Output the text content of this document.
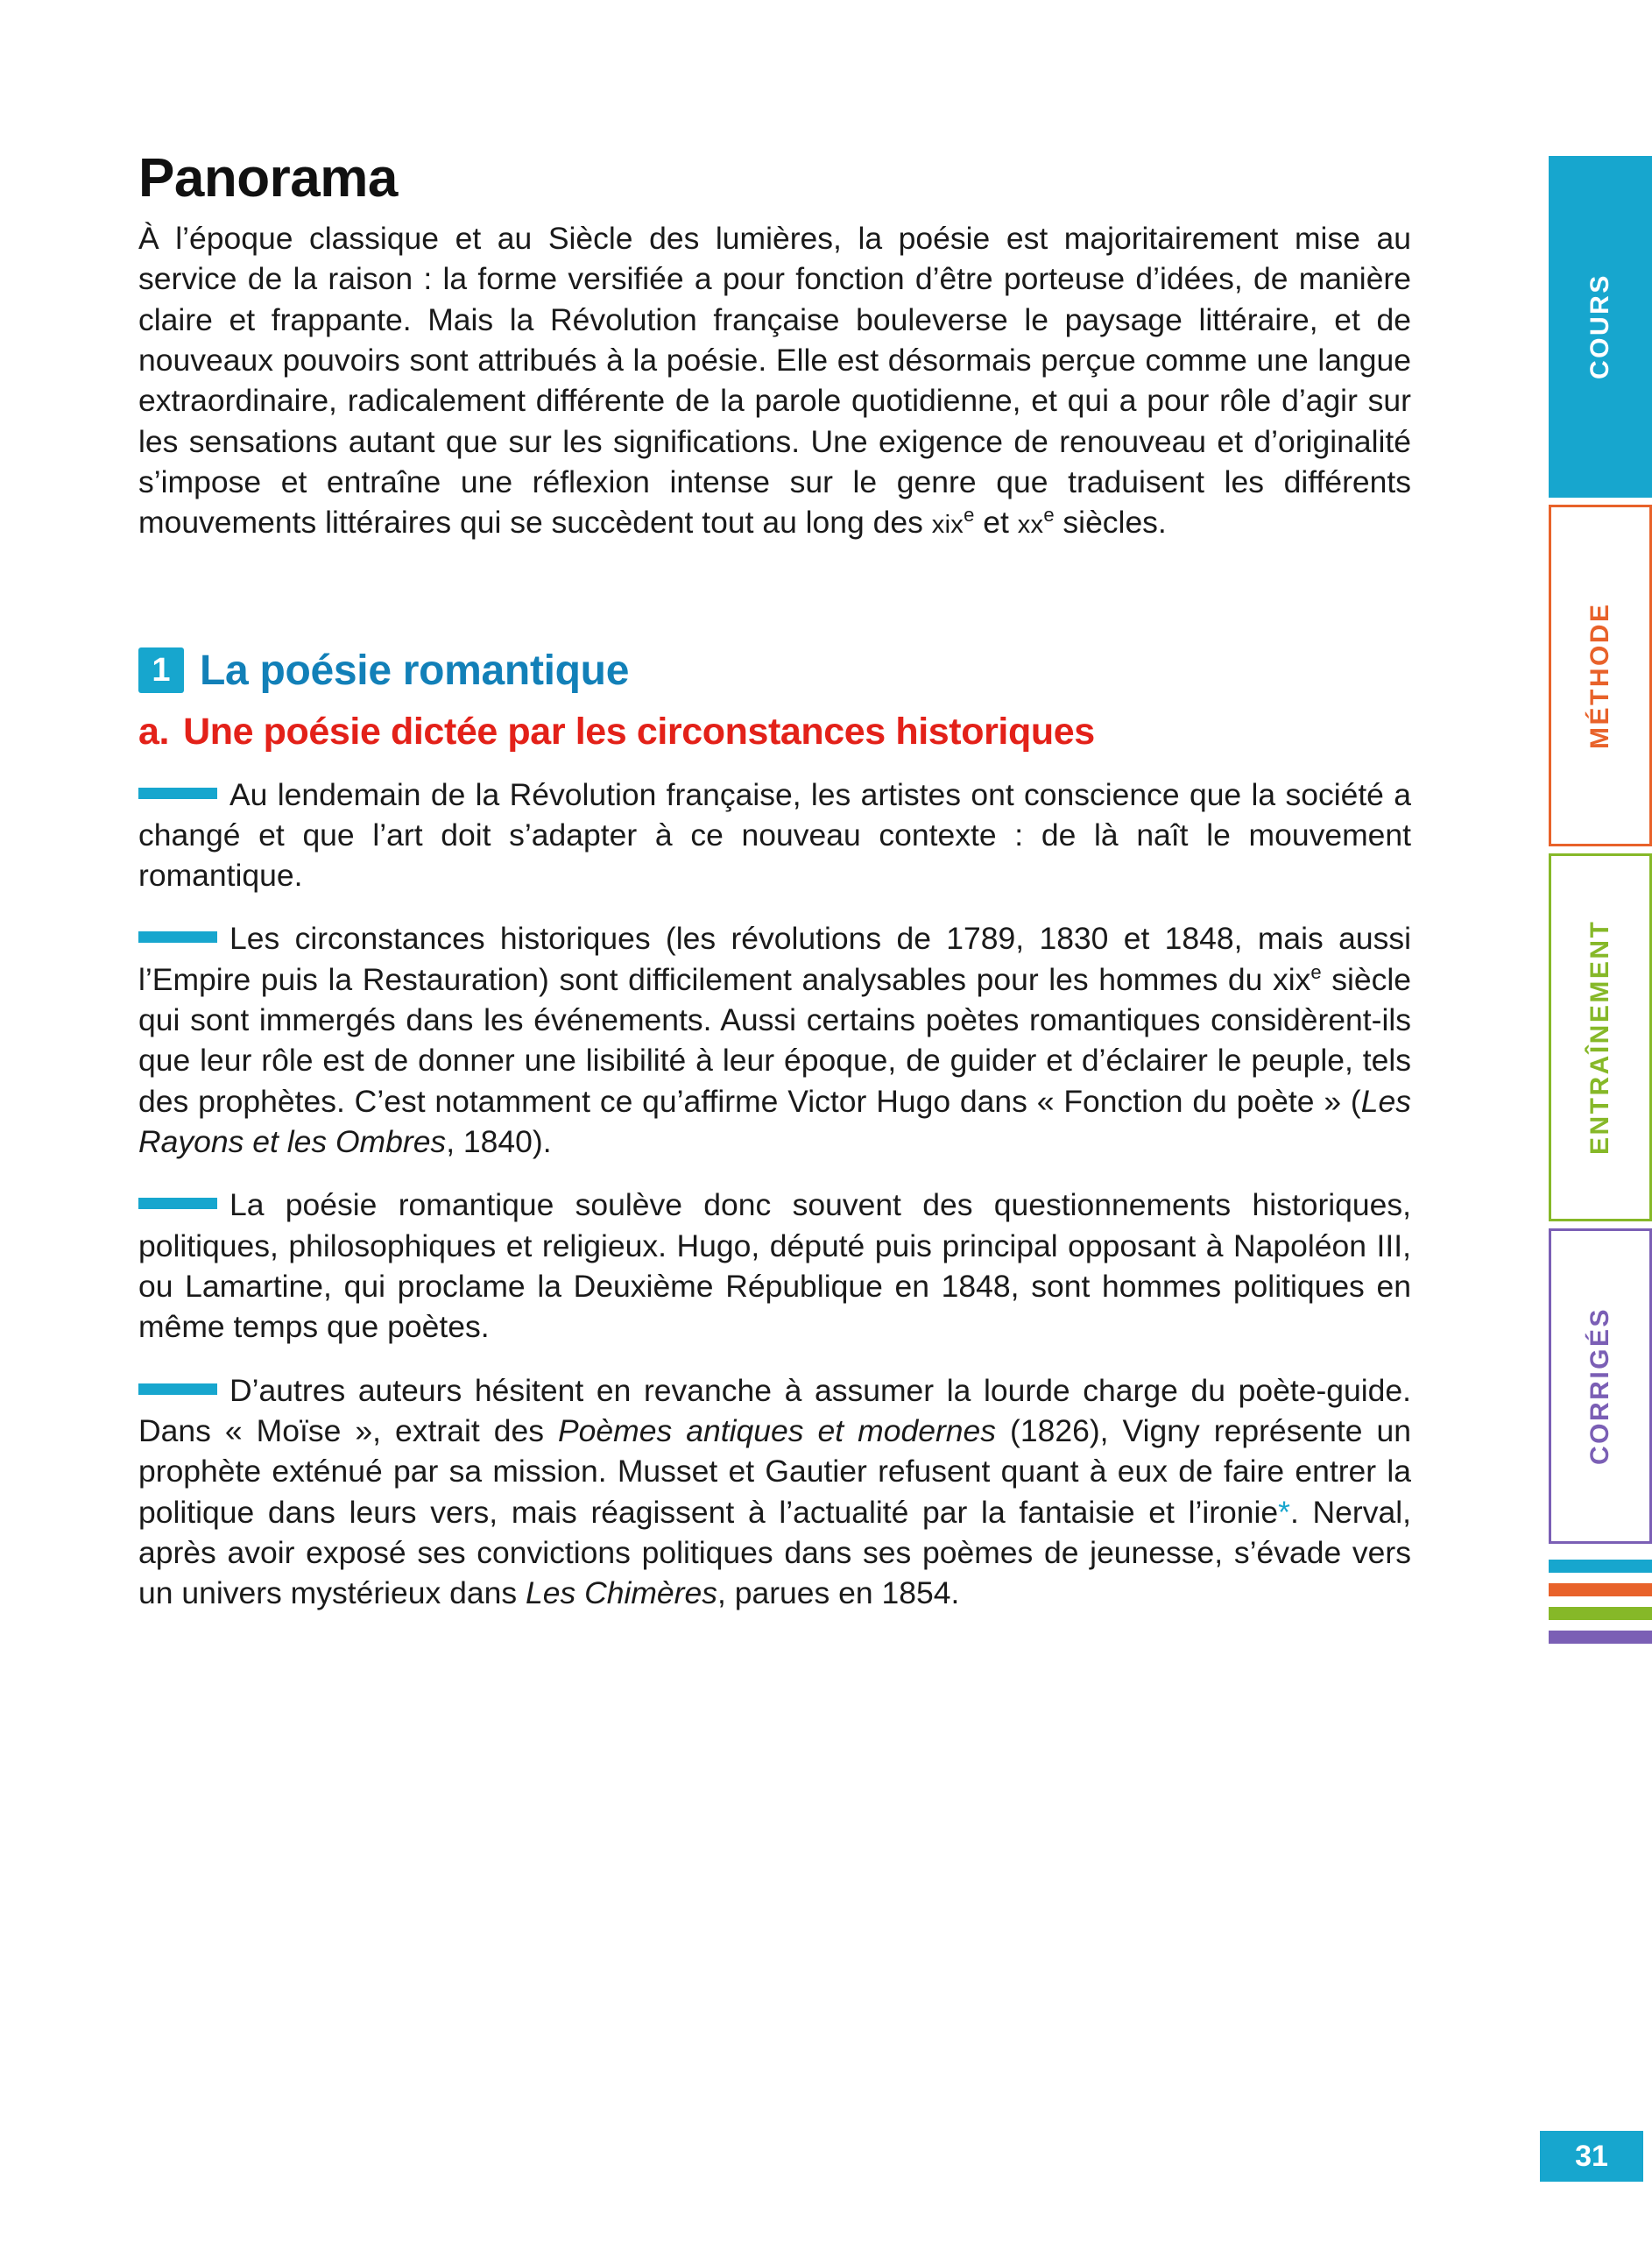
Panorama

À l’époque classique et au Siècle des lumières, la poésie est majoritairement mise au service de la raison : la forme versifiée a pour fonction d’être porteuse d’idées, de manière claire et frappante. Mais la Révolution française bouleverse le paysage littéraire, et de nouveaux pouvoirs sont attribués à la poésie. Elle est désormais perçue comme une langue extraordinaire, radicalement différente de la parole quotidienne, et qui a pour rôle d’agir sur les sensations autant que sur les significations. Une exigence de renouveau et d’originalité s’impose et entraîne une réflexion intense sur le genre que traduisent les différents mouvements littéraires qui se succèdent tout au long des xix$^e$ et $xx^e$ siècles.

1 La poésie romantique
a. Une poésie dictée par les circonstances historiques

Au lendemain de la Révolution française, les artistes ont conscience que la société a changé et que l’art doit s’adapter à ce nouveau contexte : de là naît le mouvement romantique.

Les circonstances historiques (les révolutions de 1789, 1830 et 1848, mais aussi l’Empire puis la Restauration) sont difficilement analysables pour les hommes du xix$^e$ siècle qui sont immergés dans les événements. Aussi certains poètes romantiques considèrent-ils que leur rôle est de donner une lisibilité à leur époque, de guider et d’éclairer le peuple, tels des prophètes. C’est notamment ce qu’affirme Victor Hugo dans « Fonction du poète » (Les Rayons et les Ombres, 1840).

La poésie romantique soulève donc souvent des questionnements historiques, politiques, philosophiques et religieux. Hugo, député puis principal opposant à Napoléon III, ou Lamartine, qui proclame la Deuxième République en 1848, sont hommes politiques en même temps que poètes.

D’autres auteurs hésitent en revanche à assumer la lourde charge du poète-guide. Dans « Moïse », extrait des Poèmes antiques et modernes (1826), Vigny représente un prophète exténué par sa mission. Musset et Gautier refusent quant à eux de faire entrer la politique dans leurs vers, mais réagissent à l’actualité par la fantaisie et l’ironie*. Nerval, après avoir exposé ses convictions politiques dans ses poèmes de jeunesse, s’évade vers un univers mystérieux dans Les Chimères, parues en 1854.

COURS
MÉTHODE
ENTRAÎNEMENT
CORRIGÉS
31
